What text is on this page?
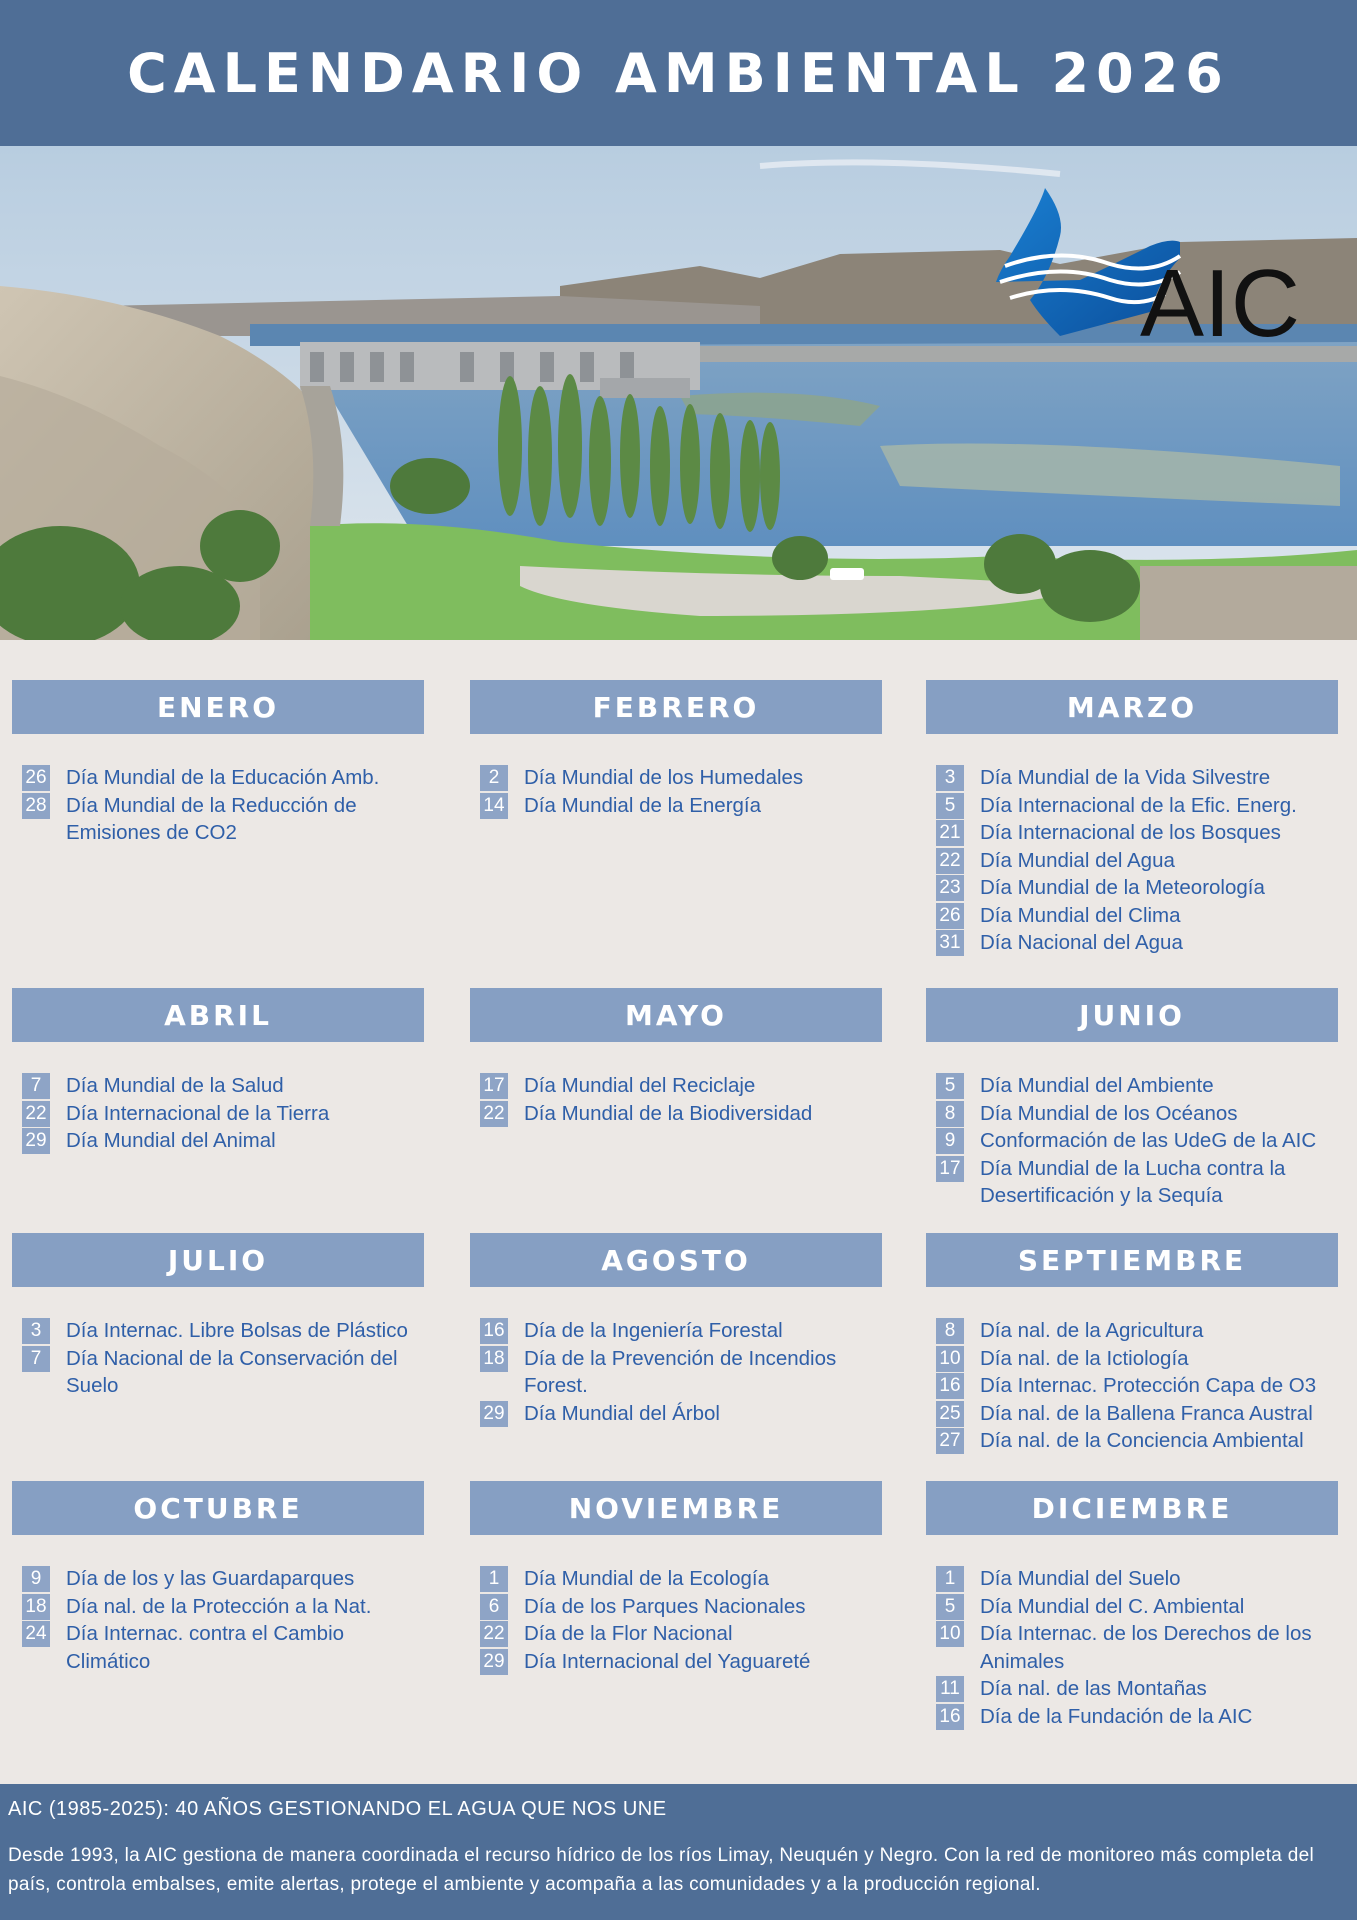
CALENDARIO AMBIENTAL 2026
AIC
ENERO
26 Día Mundial de la Educación Amb.
28 Día Mundial de la Reducción de Emisiones de CO2
FEBRERO
2	Día Mundial de los Humedales
14 Día Mundial de la Energía
MARZO
3	Día Mundial de la Vida Silvestre
5	Día Internacional de la Efic. Energ.
21 Día Internacional de los Bosques
22 Día Mundial del Agua
23 Día Mundial de la Meteorología
26 Día Mundial del Clima
31 Día Nacional del Agua
ABRIL
7	Día Mundial de la Salud
22 Día Internacional de la Tierra
29 Día Mundial del Animal
MAYO
17 Día Mundial del Reciclaje
22 Día Mundial de la Biodiversidad
JUNIO
5	Día Mundial del Ambiente
8	Día Mundial de los Océanos
9	Conformación de las UdeG de la AIC
17 Día Mundial de la Lucha contra la Desertificación y la Sequía
JULIO
3	Día Internac. Libre Bolsas de Plástico
7	Día Nacional de la Conservación del Suelo
AGOSTO
16 Día de la Ingeniería Forestal
18 Día de la Prevención de Incendios Forest.
29 Día Mundial del Árbol
SEPTIEMBRE
8	Día nal. de la Agricultura
10 Día nal. de la Ictiología
16 Día Internac. Protección Capa de O3
25 Día nal. de la Ballena Franca Austral
27 Día nal. de la Conciencia Ambiental
OCTUBRE
9	Día de los y las Guardaparques
18 Día nal. de la Protección a la Nat.
24 Día Internac. contra el Cambio Climático
NOVIEMBRE
1	Día Mundial de la Ecología
6	Día de los Parques Nacionales
22 Día de la Flor Nacional
29 Día Internacional del Yaguareté
DICIEMBRE
1	Día Mundial del Suelo
5	Día Mundial del C. Ambiental
10 Día Internac. de los Derechos de los Animales
11 Día nal. de las Montañas
16 Día de la Fundación de la AIC
AIC (1985-2025): 40 AÑOS GESTIONANDO EL AGUA QUE NOS UNE
Desde 1993, la AIC gestiona de manera coordinada el recurso hídrico de los ríos Limay, Neuquén y Negro. Con la red de monitoreo más completa del país, controla embalses, emite alertas, protege el ambiente y acompaña a las comunidades y a la producción regional.
